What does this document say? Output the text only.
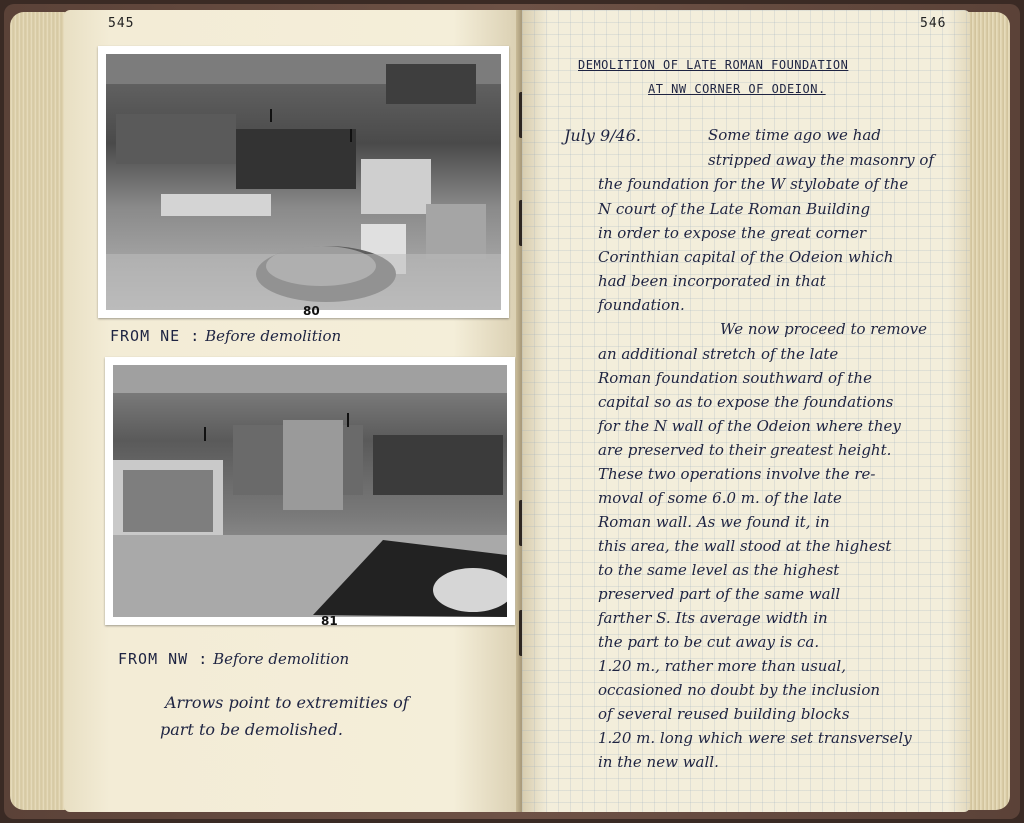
545
80
FROM NE : Before demolition
81
FROM NW : Before demolition
Arrows point to extremities of
part to be demolished.
546
DEMOLITION OF LATE ROMAN FOUNDATION
AT NW CORNER OF ODEION.
July 9/46.	Some time ago we had
stripped away the masonry of
the foundation for the W stylobate of the
N court of the Late Roman Building
in order to expose the great corner
Corinthian capital of the Odeion which
had been incorporated in that
foundation.
We now proceed to remove
an additional stretch of the late
Roman foundation southward of the
capital so as to expose the foundations
for the N wall of the Odeion where they
are preserved to their greatest height.
These two operations involve the re-
moval of some 6.0 m. of the late
Roman wall. As we found it, in
this area, the wall stood at the highest
to the same level as the highest
preserved part of the same wall
farther S. Its average width in
the part to be cut away is ca.
1.20 m., rather more than usual,
occasioned no doubt by the inclusion
of several reused building blocks
1.20 m. long which were set transversely
in the new wall.
